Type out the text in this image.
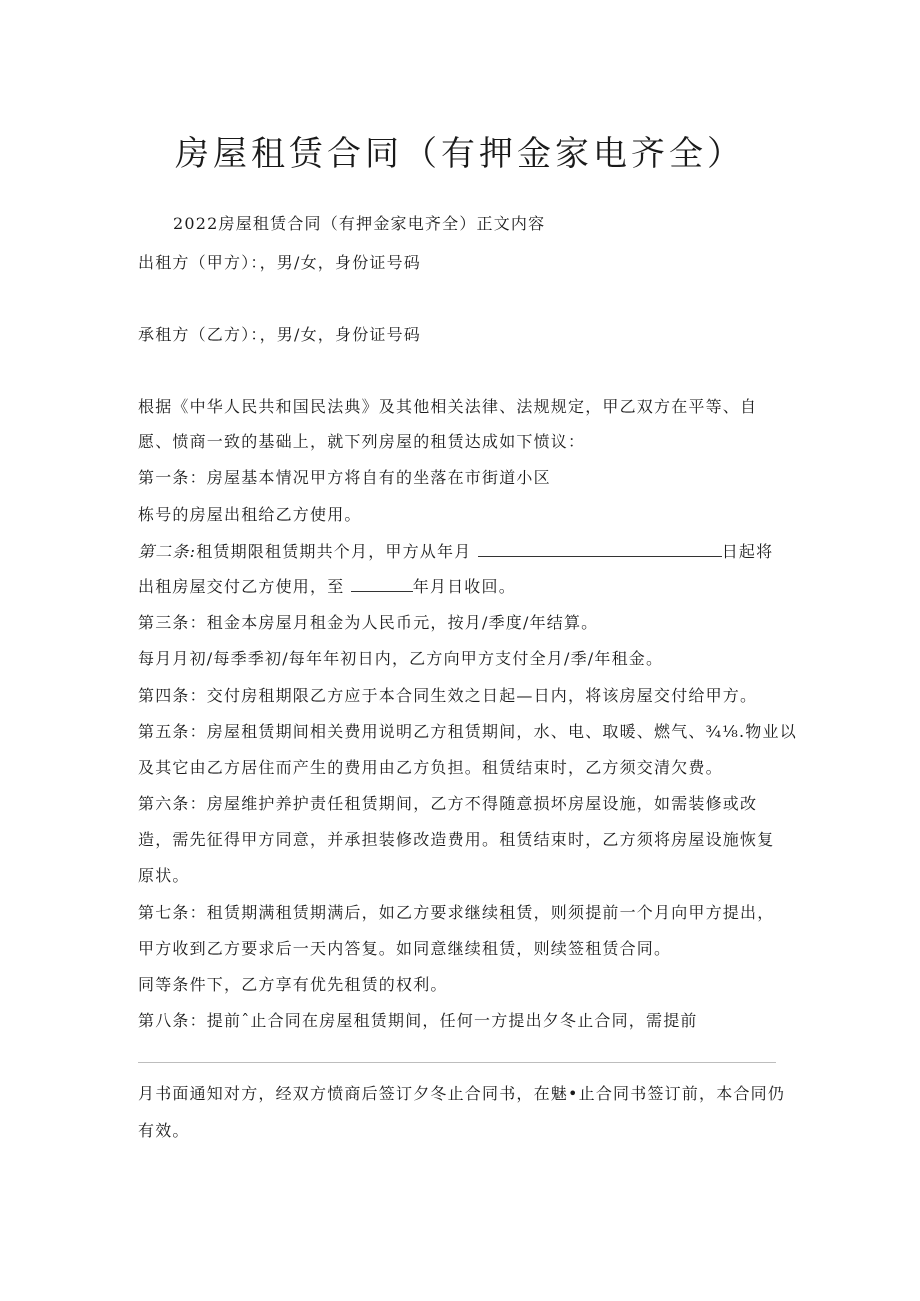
房屋租赁合同（有押金家电齐全）
2022房屋租赁合同（有押金家电齐全）正文内容
出租方（甲方）：，男/女，身份证号码
承租方（乙方）：，男/女，身份证号码
根据《中华人民共和国民法典》及其他相关法律、法规规定，甲乙双方在平等、自
愿、愤商一致的基础上，就下列房屋的租赁达成如下愤议：
第一条：房屋基本情况甲方将自有的坐落在市街道小区
栋号的房屋出租给乙方使用。
第二条:租赁期限租赁期共个月，甲方从年月	日起将
出租房屋交付乙方使用，至	年月日收回。
第三条：租金本房屋月租金为人民币元，按月/季度/年结算。
每月月初/每季季初/每年年初日内，乙方向甲方支付全月/季/年租金。
第四条：交付房租期限乙方应于本合同生效之日起—日内，将该房屋交付给甲方。
第五条：房屋租赁期间相关费用说明乙方租赁期间，水、电、取暖、燃气、¾⅛.物业以
及其它由乙方居住而产生的费用由乙方负担。租赁结束时，乙方须交清欠费。
第六条：房屋维护养护责任租赁期间，乙方不得随意损坏房屋设施，如需装修或改
造，需先征得甲方同意，并承担装修改造费用。租赁结束时，乙方须将房屋设施恢复
原状。
第七条：租赁期满租赁期满后，如乙方要求继续租赁，则须提前一个月向甲方提出，
甲方收到乙方要求后一天内答复。如同意继续租赁，则续签租赁合同。
同等条件下，乙方享有优先租赁的权利。
第八条：提前ˆ止合同在房屋租赁期间，任何一方提出夕冬止合同，需提前
月书面通知对方，经双方愤商后签订夕冬止合同书，在魅•止合同书签订前，本合同仍
有效。
